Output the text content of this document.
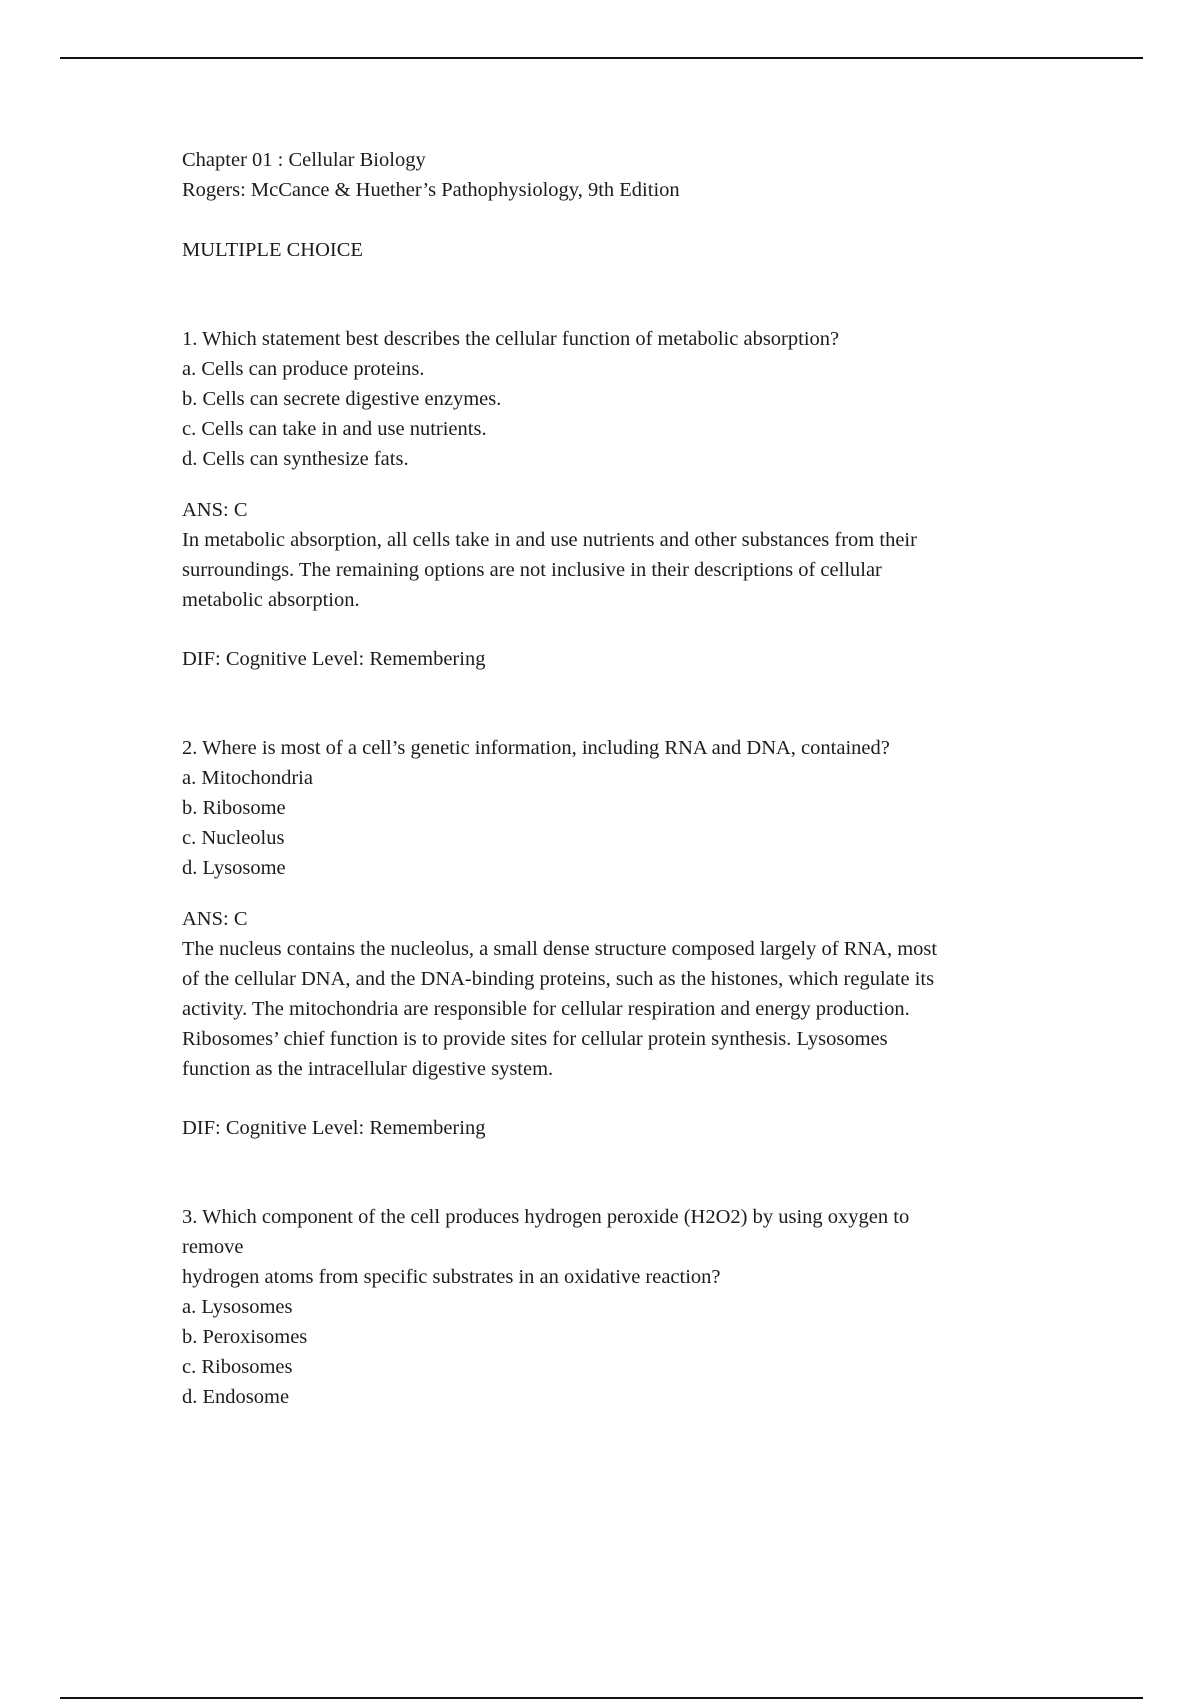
Chapter 01 : Cellular Biology
Rogers: McCance & Huether’s Pathophysiology, 9th Edition
MULTIPLE CHOICE
1. Which statement best describes the cellular function of metabolic absorption?
a. Cells can produce proteins.
b. Cells can secrete digestive enzymes.
c. Cells can take in and use nutrients.
d. Cells can synthesize fats.
ANS: C
In metabolic absorption, all cells take in and use nutrients and other substances from their
surroundings. The remaining options are not inclusive in their descriptions of cellular
metabolic absorption.
DIF: Cognitive Level: Remembering
2. Where is most of a cell’s genetic information, including RNA and DNA, contained?
a. Mitochondria
b. Ribosome
c. Nucleolus
d. Lysosome
ANS: C
The nucleus contains the nucleolus, a small dense structure composed largely of RNA, most
of the cellular DNA, and the DNA-binding proteins, such as the histones, which regulate its
activity. The mitochondria are responsible for cellular respiration and energy production.
Ribosomes’ chief function is to provide sites for cellular protein synthesis. Lysosomes
function as the intracellular digestive system.
DIF: Cognitive Level: Remembering
3. Which component of the cell produces hydrogen peroxide (H2O2) by using oxygen to
remove
hydrogen atoms from specific substrates in an oxidative reaction?
a. Lysosomes
b. Peroxisomes
c. Ribosomes
d. Endosome
